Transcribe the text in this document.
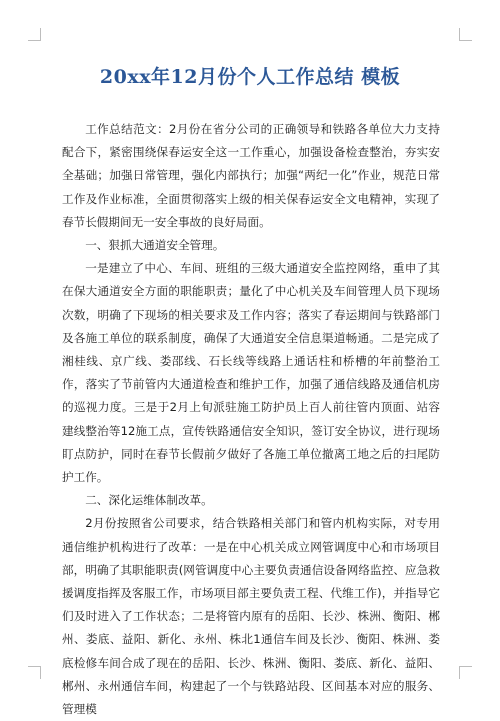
20xx年12月份个人工作总结 模板

工作总结范文：2月份在省分公司的正确领导和铁路各单位大力支持配合下，紧密围绕保春运安全这一工作重心，加强设备检查整治，夯实安全基础；加强日常管理，强化内部执行；加强“两纪一化”作业，规范日常工作及作业标准，全面贯彻落实上级的相关保春运安全文电精神，实现了春节长假期间无一安全事故的良好局面。

一、狠抓大通道安全管理。

一是建立了中心、车间、班组的三级大通道安全监控网络，重申了其在保大通道安全方面的职能职责；量化了中心机关及车间管理人员下现场次数，明确了下现场的相关要求及工作内容；落实了春运期间与铁路部门及各施工单位的联系制度，确保了大通道安全信息渠道畅通。二是完成了湘桂线、京广线、娄邵线、石长线等线路上通话柱和桥槽的年前整治工作，落实了节前管内大通道检查和维护工作，加强了通信线路及通信机房的巡视力度。三是于2月上旬派驻施工防护员上百人前往管内顶面、站容建线整治等12施工点，宣传铁路通信安全知识，签订安全协议，进行现场盯点防护，同时在春节长假前夕做好了各施工单位撤离工地之后的扫尾防护工作。

二、深化运维体制改革。

2月份按照省公司要求，结合铁路相关部门和管内机构实际，对专用通信维护机构进行了改革：一是在中心机关成立网管调度中心和市场项目部，明确了其职能职责(网管调度中心主要负责通信设备网络监控、应急救援调度指挥及客服工作，市场项目部主要负责工程、代维工作)，并指导它们及时进入了工作状态；二是将管内原有的岳阳、长沙、株洲、衡阳、郴州、娄底、益阳、新化、永州、株北1通信车间及长沙、衡阳、株洲、娄底检修车间合成了现在的岳阳、长沙、株洲、衡阳、娄底、新化、益阳、郴州、永州通信车间，构建起了一个与铁路站段、区间基本对应的服务、管理模
